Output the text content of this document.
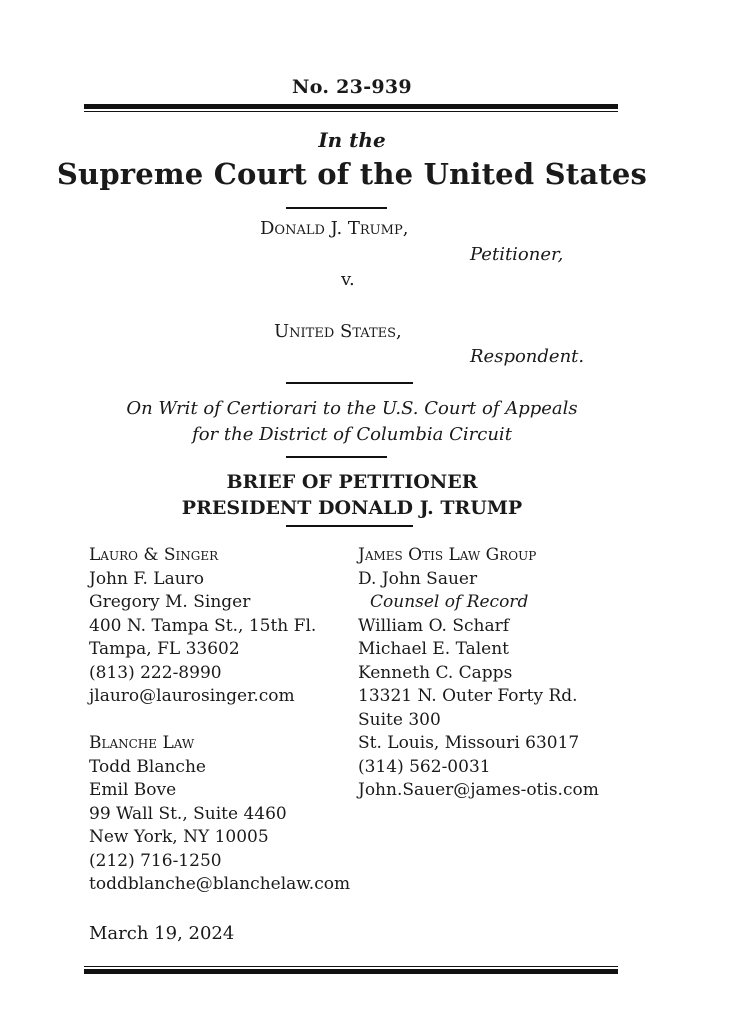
No. 23-939
In the
Supreme Court of the United States
Donald J. Trump,
Petitioner,
v.
United States,
Respondent.
On Writ of Certiorari to the U.S. Court of Appeals
for the District of Columbia Circuit
BRIEF OF PETITIONER
PRESIDENT DONALD J. TRUMP
Lauro & Singer
John F. Lauro
Gregory M. Singer
400 N. Tampa St., 15th Fl.
Tampa, FL 33602
(813) 222-8990
jlauro@laurosinger.com
Blanche Law
Todd Blanche
Emil Bove
99 Wall St., Suite 4460
New York, NY 10005
(212) 716-1250
toddblanche@blanchelaw.com
James Otis Law Group
D. John Sauer
Counsel of Record
William O. Scharf
Michael E. Talent
Kenneth C. Capps
13321 N. Outer Forty Rd.
Suite 300
St. Louis, Missouri 63017
(314) 562-0031
John.Sauer@james-otis.com
March 19, 2024
